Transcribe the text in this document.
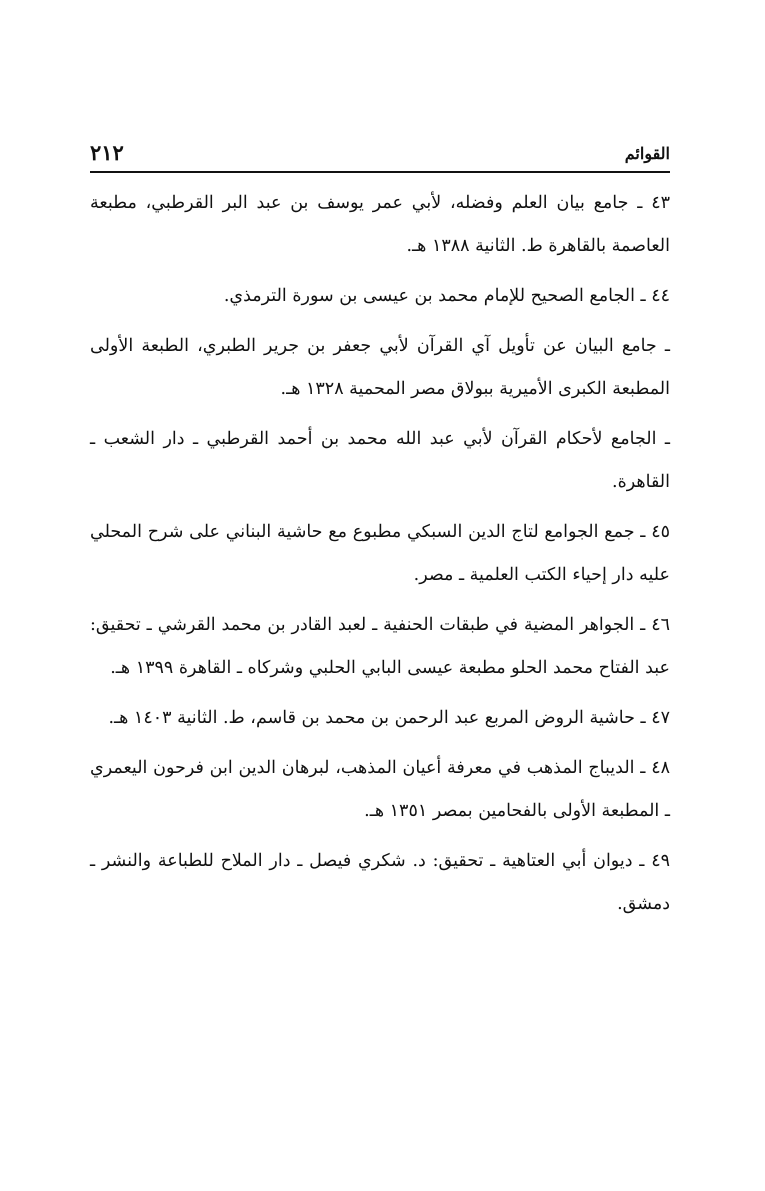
القوائم
٢١٢

٤٣ ـ جامع بيان العلم وفضله، لأبي عمر يوسف بن عبد البر القرطبي، مطبعة العاصمة بالقاهرة ط. الثانية ١٣٨٨ هـ.

٤٤ ـ الجامع الصحيح للإمام محمد بن عيسى بن سورة الترمذي.

ـ جامع البيان عن تأويل آي القرآن لأبي جعفر بن جرير الطبري، الطبعة الأولى المطبعة الكبرى الأميرية ببولاق مصر المحمية ١٣٢٨ هـ.

ـ الجامع لأحكام القرآن لأبي عبد الله محمد بن أحمد القرطبي ـ دار الشعب ـ القاهرة.

٤٥ ـ جمع الجوامع لتاج الدين السبكي مطبوع مع حاشية البناني على شرح المحلي عليه دار إحياء الكتب العلمية ـ مصر.

٤٦ ـ الجواهر المضية في طبقات الحنفية ـ لعبد القادر بن محمد القرشي ـ تحقيق: عبد الفتاح محمد الحلو مطبعة عيسى البابي الحلبي وشركاه ـ القاهرة ١٣٩٩ هـ.

٤٧ ـ حاشية الروض المربع عبد الرحمن بن محمد بن قاسم، ط. الثانية ١٤٠٣ هـ.

٤٨ ـ الديباج المذهب في معرفة أعيان المذهب، لبرهان الدين ابن فرحون اليعمري ـ المطبعة الأولى بالفحامين بمصر ١٣٥١ هـ.

٤٩ ـ ديوان أبي العتاهية ـ تحقيق: د. شكري فيصل ـ دار الملاح للطباعة والنشر ـ دمشق.
